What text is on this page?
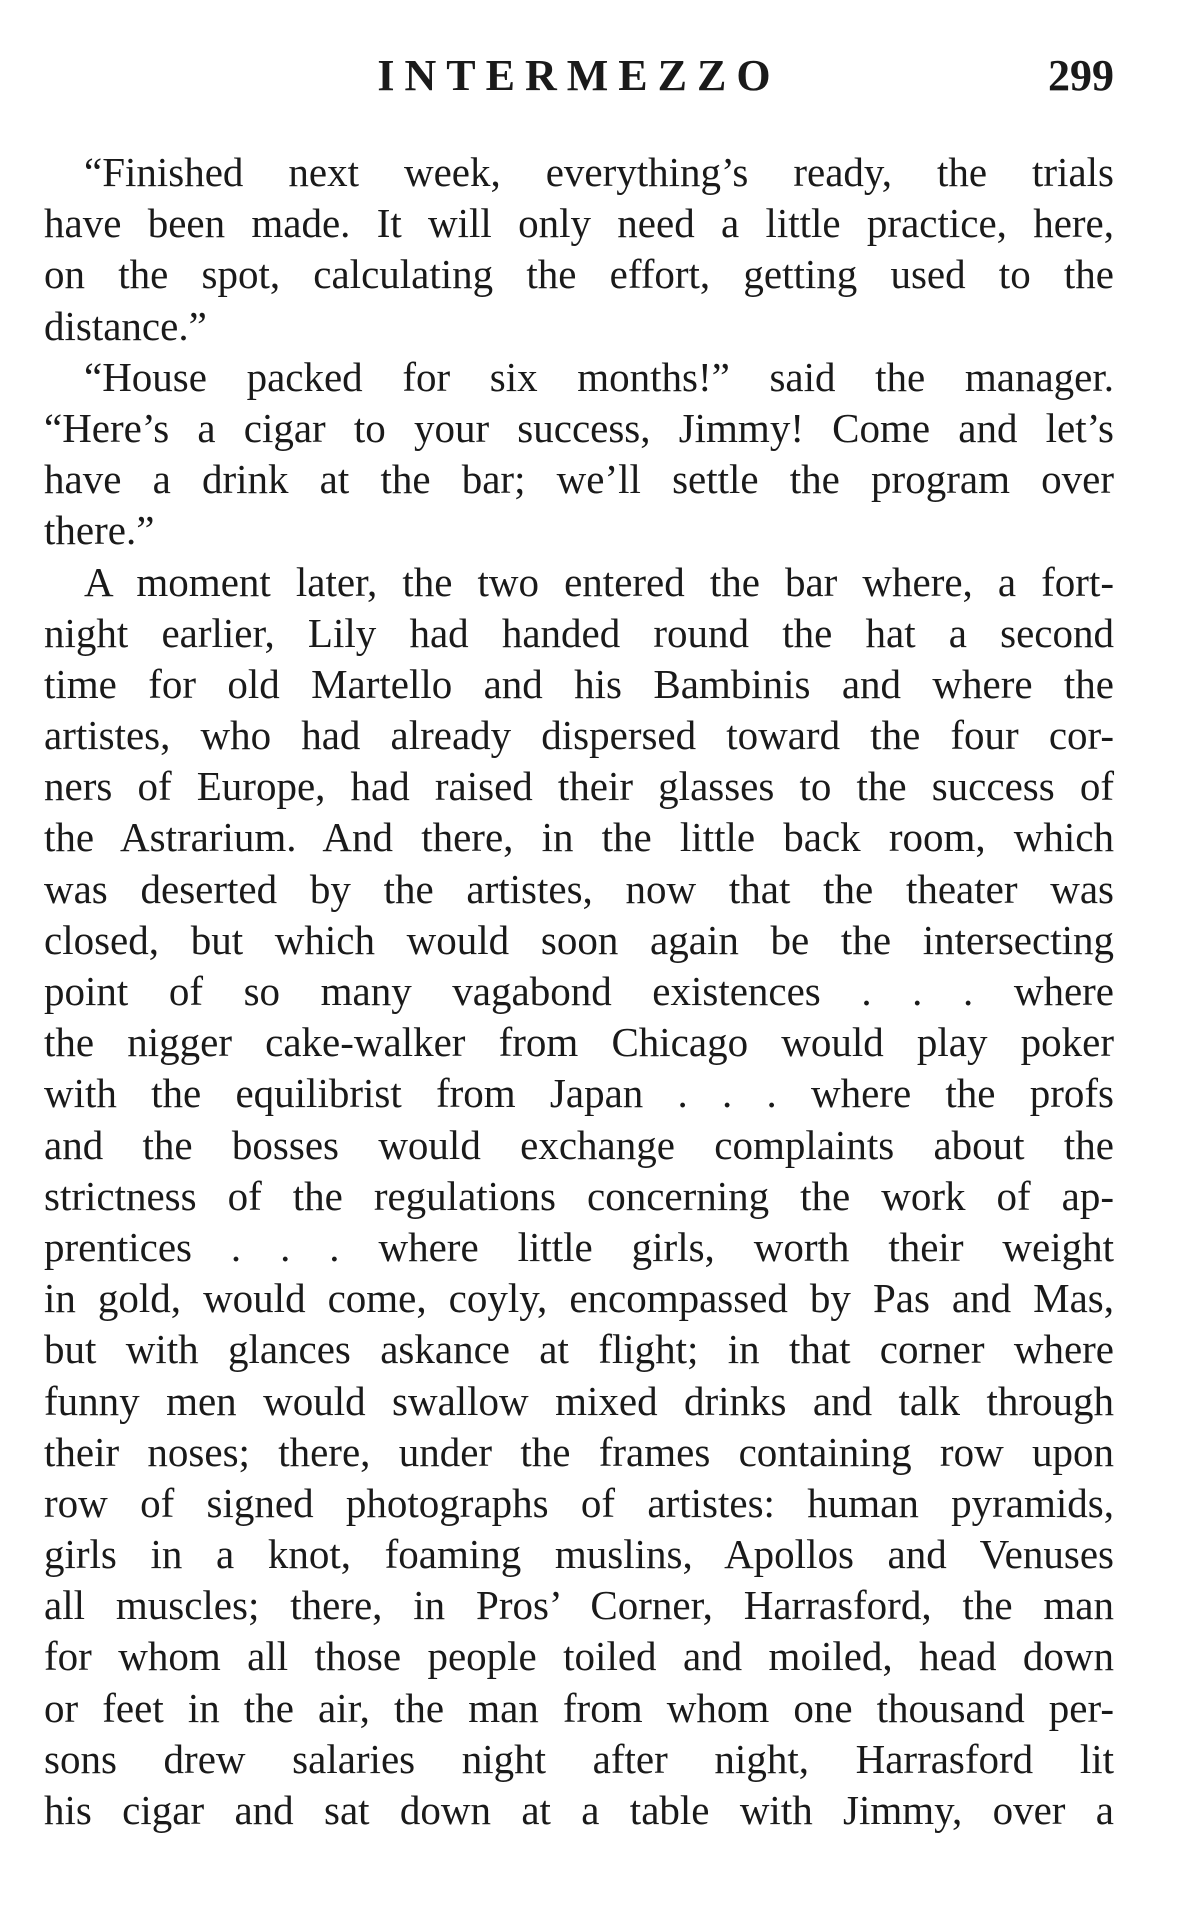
INTERMEZZO	299
“Finished next week, everything’s ready, the trials
have been made. It will only need a little practice, here,
on the spot, calculating the effort, getting used to the
distance.”
“House packed for six months!” said the manager.
“Here’s a cigar to your success, Jimmy! Come and let’s
have a drink at the bar; we’ll settle the program over
there.”
A moment later, the two entered the bar where, a fort-
night earlier, Lily had handed round the hat a second
time for old Martello and his Bambinis and where the
artistes, who had already dispersed toward the four cor-
ners of Europe, had raised their glasses to the success of
the Astrarium. And there, in the little back room, which
was deserted by the artistes, now that the theater was
closed, but which would soon again be the intersecting
point of so many vagabond existences . . . where
the nigger cake-walker from Chicago would play poker
with the equilibrist from Japan . . . where the profs
and the bosses would exchange complaints about the
strictness of the regulations concerning the work of ap-
prentices . . . where little girls, worth their weight
in gold, would come, coyly, encompassed by Pas and Mas,
but with glances askance at flight; in that corner where
funny men would swallow mixed drinks and talk through
their noses; there, under the frames containing row upon
row of signed photographs of artistes: human pyramids,
girls in a knot, foaming muslins, Apollos and Venuses
all muscles; there, in Pros’ Corner, Harrasford, the man
for whom all those people toiled and moiled, head down
or feet in the air, the man from whom one thousand per-
sons drew salaries night after night, Harrasford lit
his cigar and sat down at a table with Jimmy, over a
